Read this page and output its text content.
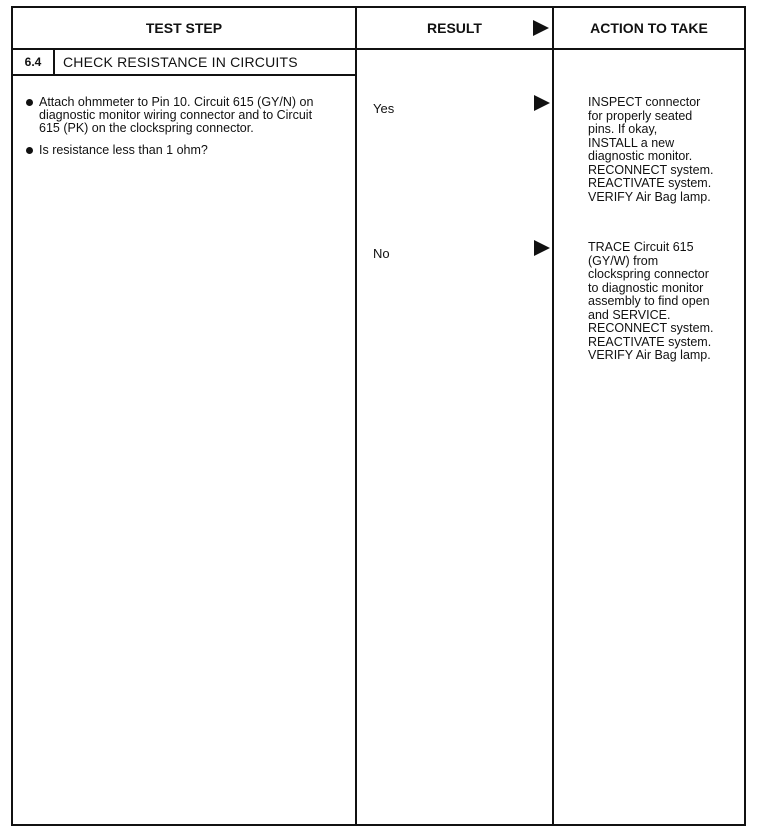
TEST STEP	RESULT	ACTION TO TAKE
6.4	CHECK RESISTANCE IN CIRCUITS
Attach ohmmeter to Pin 10. Circuit 615 (GY/N) on diagnostic monitor wiring connector and to Circuit 615 (PK) on the clockspring connector.
Is resistance less than 1 ohm?
Yes	INSPECT connector
for properly seated
pins. If okay,
INSTALL a new
diagnostic monitor.
RECONNECT system.
REACTIVATE system.
VERIFY Air Bag lamp.
No	TRACE Circuit 615
(GY/W) from
clockspring connector
to diagnostic monitor
assembly to find open
and SERVICE.
RECONNECT system.
REACTIVATE system.
VERIFY Air Bag lamp.
